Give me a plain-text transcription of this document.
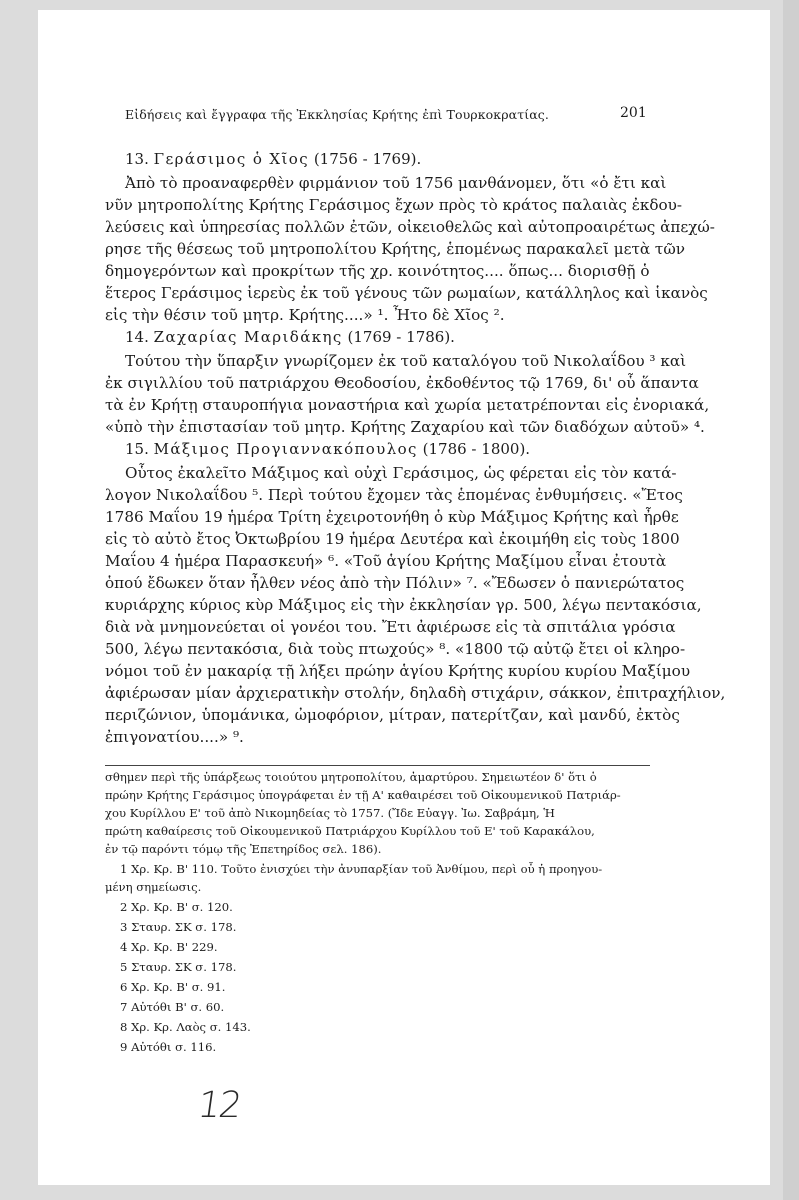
Εἰδήσεις καὶ ἔγγραφα τῆς Ἐκκλησίας Κρήτης ἐπὶ Τουρκοκρατίας.	201
13. Γεράσιμος ὁ Χῖος (1756 - 1769).
Ἀπὸ τὸ προαναφερθὲν φιρμάνιον τοῦ 1756 μανθάνομεν, ὅτι «ὁ ἔτι καὶ
νῦν μητροπολίτης Κρήτης Γεράσιμος ἔχων πρὸς τὸ κράτος παλαιὰς ἐκδου-
λεύσεις καὶ ὑπηρεσίας πολλῶν ἐτῶν, οἰκειοθελῶς καὶ αὐτοπροαιρέτως ἀπεχώ-
ρησε τῆς θέσεως τοῦ μητροπολίτου Κρήτης, ἑπομένως παρακαλεῖ μετὰ τῶν
δημογερόντων καὶ προκρίτων τῆς χρ. κοινότητος.... ὅπως... διορισθῇ ὁ
ἕτερος Γεράσιμος ἱερεὺς ἐκ τοῦ γένους τῶν ρωμαίων, κατάλληλος καὶ ἱκανὸς
εἰς τὴν θέσιν τοῦ μητρ. Κρήτης....» ¹. Ἦτο δὲ Χῖος ².
14. Ζαχαρίας Μαριδάκης (1769 - 1786).
Τούτου τὴν ὕπαρξιν γνωρίζομεν ἐκ τοῦ καταλόγου τοῦ Νικολαΐδου ³ καὶ
ἐκ σιγιλλίου τοῦ πατριάρχου Θεοδοσίου, ἐκδοθέντος τῷ 1769, δι' οὗ ἅπαντα
τὰ ἐν Κρήτῃ σταυροπήγια μοναστήρια καὶ χωρία μετατρέπονται εἰς ἐνοριακά,
«ὑπὸ τὴν ἐπιστασίαν τοῦ μητρ. Κρήτης Ζαχαρίου καὶ τῶν διαδόχων αὐτοῦ» ⁴.
15. Μάξιμος Προγιαννακόπουλος (1786 - 1800).
Οὗτος ἐκαλεῖτο Μάξιμος καὶ οὐχὶ Γεράσιμος, ὡς φέρεται εἰς τὸν κατά-
λογον Νικολαΐδου ⁵. Περὶ τούτου ἔχομεν τὰς ἑπομένας ἐνθυμήσεις. «Ἔτος
1786 Μαΐου 19 ἡμέρα Τρίτη ἐχειροτονήθη ὁ κὺρ Μάξιμος Κρήτης καὶ ἦρθε
εἰς τὸ αὐτὸ ἔτος Ὀκτωβρίου 19 ἡμέρα Δευτέρα καὶ ἐκοιμήθη εἰς τοὺς 1800
Μαΐου 4 ἡμέρα Παρασκευή» ⁶. «Τοῦ ἁγίου Κρήτης Μαξίμου εἶναι ἐτουτὰ
ὁπού ἔδωκεν ὅταν ἦλθεν νέος ἀπὸ τὴν Πόλιν» ⁷. «Ἔδωσεν ὁ πανιερώτατος
κυριάρχης κύριος κὺρ Μάξιμος εἰς τὴν ἐκκλησίαν γρ. 500, λέγω πεντακόσια,
διὰ νὰ μνημονεύεται οἱ γονέοι του. Ἔτι ἀφιέρωσε εἰς τὰ σπιτάλια γρόσια
500, λέγω πεντακόσια, διὰ τοὺς πτωχούς» ⁸. «1800 τῷ αὐτῷ ἔτει οἱ κληρο-
νόμοι τοῦ ἐν μακαρίᾳ τῇ λήξει πρώην ἁγίου Κρήτης κυρίου κυρίου Μαξίμου
ἀφιέρωσαν μίαν ἀρχιερατικὴν στολήν, δηλαδὴ στιχάριν, σάκκον, ἐπιτραχήλιον,
περιζώνιον, ὑπομάνικα, ὠμοφόριον, μίτραν, πατερίτζαν, καὶ μανδύ, ἐκτὸς
ἐπιγονατίου....» ⁹.
σθημεν περὶ τῆς ὑπάρξεως τοιούτου μητροπολίτου, ἀμαρτύρου. Σημειωτέον δ' ὅτι ὁ
πρώην Κρήτης Γεράσιμος ὑπογράφεται ἐν τῇ Α' καθαιρέσει τοῦ Οἰκουμενικοῦ Πατριάρ-
χου Κυρίλλου Ε' τοῦ ἀπὸ Νικομηδείας τὸ 1757. (Ἴδε Εὐαγγ. Ἰω. Σαβράμη, Ἡ
πρώτη καθαίρεσις τοῦ Οἰκουμενικοῦ Πατριάρχου Κυρίλλου τοῦ Ε' τοῦ Καρακάλου,
ἐν τῷ παρόντι τόμῳ τῆς Ἐπετηρίδος σελ. 186).
1 Χρ. Κρ. Β' 110. Τοῦτο ἐνισχύει τὴν ἀνυπαρξίαν τοῦ Ἀνθίμου, περὶ οὗ ἡ προηγου-
μένη σημείωσις.
2 Χρ. Κρ. Β' σ. 120.
3 Σταυρ. ΣΚ σ. 178.
4 Χρ. Κρ. Β' 229.
5 Σταυρ. ΣΚ σ. 178.
6 Χρ. Κρ. Β' σ. 91.
7 Αὐτόθι Β' σ. 60.
8 Χρ. Κρ. Λαὸς σ. 143.
9 Αὐτόθι σ. 116.
12
